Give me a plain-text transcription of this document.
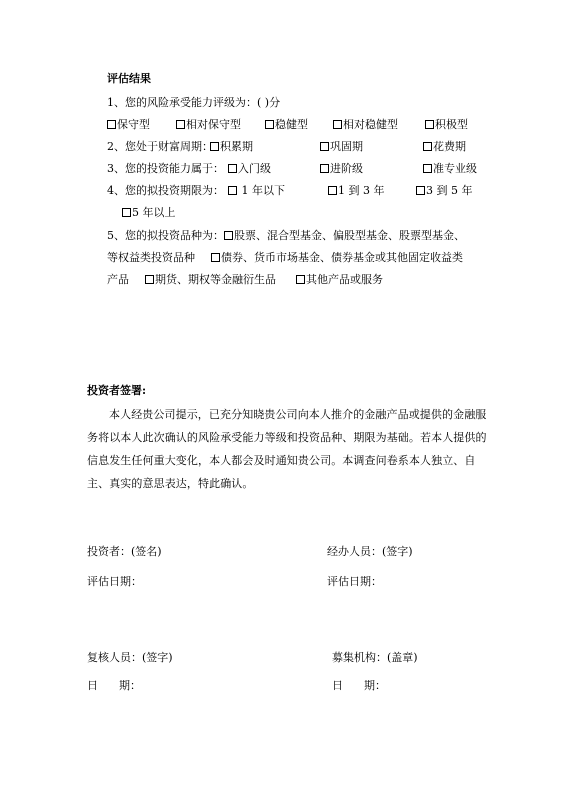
评估结果
1、您的风险承受能力评级为：( )分
保守型	相对保守型	稳健型	相对稳健型	积极型
2、您处于财富周期： 积累期	巩固期	花费期
3、您的投资能力属于：	入门级	进阶级	准专业级
4、您的拟投资期限为：	1 年以下	1 到 3 年	3 到 5 年
5 年以上
5、您的拟投资品种为： 股票、混合型基金、偏股型基金、股票型基金、
等权益类投资品种 债券、货币市场基金、债券基金或其他固定收益类
产品 期货、期权等金融衍生品	其他产品或服务
投资者签署:

本人经贵公司提示，已充分知晓贵公司向本人推介的金融产品或提供的金融服务将以本人此次确认的风险承受能力等级和投资品种、期限为基础。若本人提供的信息发生任何重大变化，本人都会及时通知贵公司。本调查问卷系本人独立、自主、真实的意思表达，特此确认。

投资者：(签名)	经办人员：(签字)
评估日期：	评估日期：
复核人员：(签字)	募集机构：(盖章)
日      期：	日      期：
